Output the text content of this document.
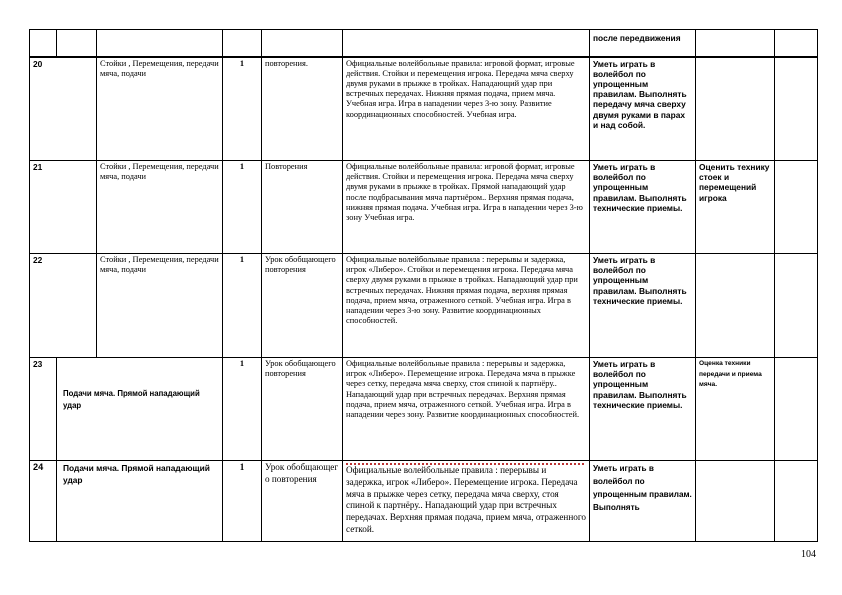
						после передвижения		
20		Стойки , Перемещения, передачи мяча, подачи	1	повторения.	Официальные волейбольные правила: игровой формат, игровые действия. Стойки и перемещения игрока. Передача мяча сверху двумя руками в прыжке в тройках. Нападающий удар при встречных передачах. Нижняя прямая подача, прием мяча. Учебная игра. Игра в нападении через 3-ю зону. Развитие координационных способностей. Учебная игра.	Уметь играть в волейбол по упрощенным правилам. Выполнять передачу мяча сверху двумя руками в парах и над собой.		
21		Стойки , Перемещения, передачи мяча, подачи	1	Повторения	Официальные волейбольные правила: игровой формат, игровые действия. Стойки и перемещения игрока. Передача мяча сверху двумя руками в прыжке в тройках. Прямой нападающий удар после подбрасывания мяча партнёром.. Верхняя прямая подача, нижняя прямая подача. Учебная игра. Игра в нападении через 3-ю зону Учебная игра.	Уметь играть в волейбол по упрощенным правилам. Выполнять технические приемы.	Оценить технику стоек и перемещений игрока	
22		Стойки , Перемещения, передачи мяча, подачи	1	Урок обобщающего повторения	Официальные волейбольные правила : перерывы и задержка, игрок «Либеро». Стойки и перемещения игрока. Передача мяча сверху двумя руками в прыжке в тройках. Нападающий удар при встречных передачах. Нижняя прямая подача, верхняя прямая подача, прием мяча, отраженного сеткой. Учебная игра. Игра в нападении через 3-ю зону. Развитие координационных способностей.	Уметь играть в волейбол по упрощенным правилам. Выполнять технические приемы.		
23	Подачи мяча. Прямой нападающий удар		1	Урок обобщающего повторения	Официальные волейбольные правила : перерывы и задержка, игрок «Либеро». Перемещение игрока. Передача мяча в прыжке через сетку, передача мяча сверху, стоя спиной к партнёру.. Нападающий удар при встречных передачах. Верхняя прямая подача, прием мяча, отраженного сеткой. Учебная игра. Игра в нападении через зону. Развитие координационных способностей.	Уметь играть в волейбол по упрощенным правилам. Выполнять технические приемы.	Оценка техники передачи и приема мяча.	
24	Подачи мяча. Прямой нападающий удар		1	Урок обобщающег о повторения	Официальные волейбольные правила : перерывы и задержка, игрок «Либеро». Перемещение игрока. Передача мяча в прыжке через сетку, передача мяча сверху, стоя спиной к партнёру.. Нападающий удар при встречных передачах. Верхняя прямая подача, прием мяча, отраженного сеткой.	Уметь играть в волейбол по упрощенным правилам. Выполнять		
104
